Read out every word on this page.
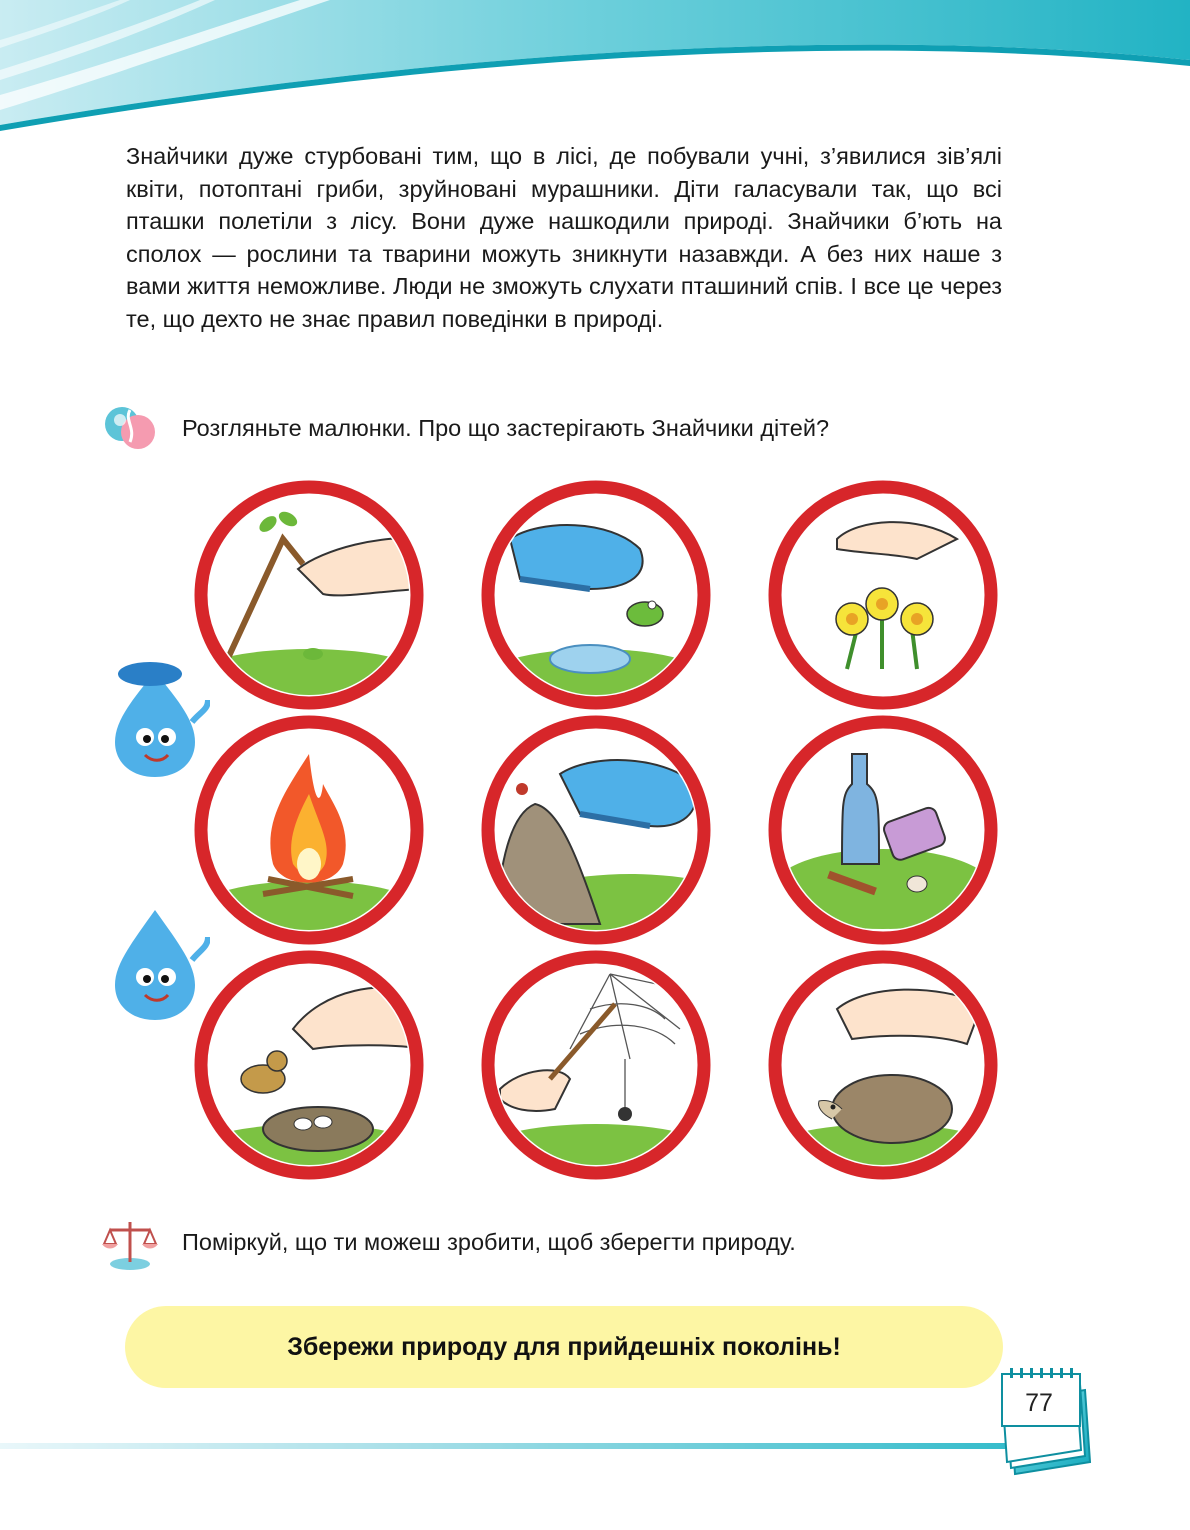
Знайчики дуже стурбовані тим, що в лісі, де побували учні, з’явилися зів’ялі квіти, потоптані гриби, зруйновані мурашники. Діти галасували так, що всі пташки полетіли з лісу. Вони дуже нашкодили природі. Знайчики б’ють на сполох — рослини та тварини можуть зникнути назавжди. А без них наше з вами життя неможливе. Люди не зможуть слухати пташиний спів. І все це через те, що дехто не знає правил поведінки в природі.

Розгляньте малюнки. Про що застерігають Знайчики дітей?
Поміркуй, що ти можеш зробити, щоб зберегти природу.
Збережи природу для прийдешніх поколінь!
77
